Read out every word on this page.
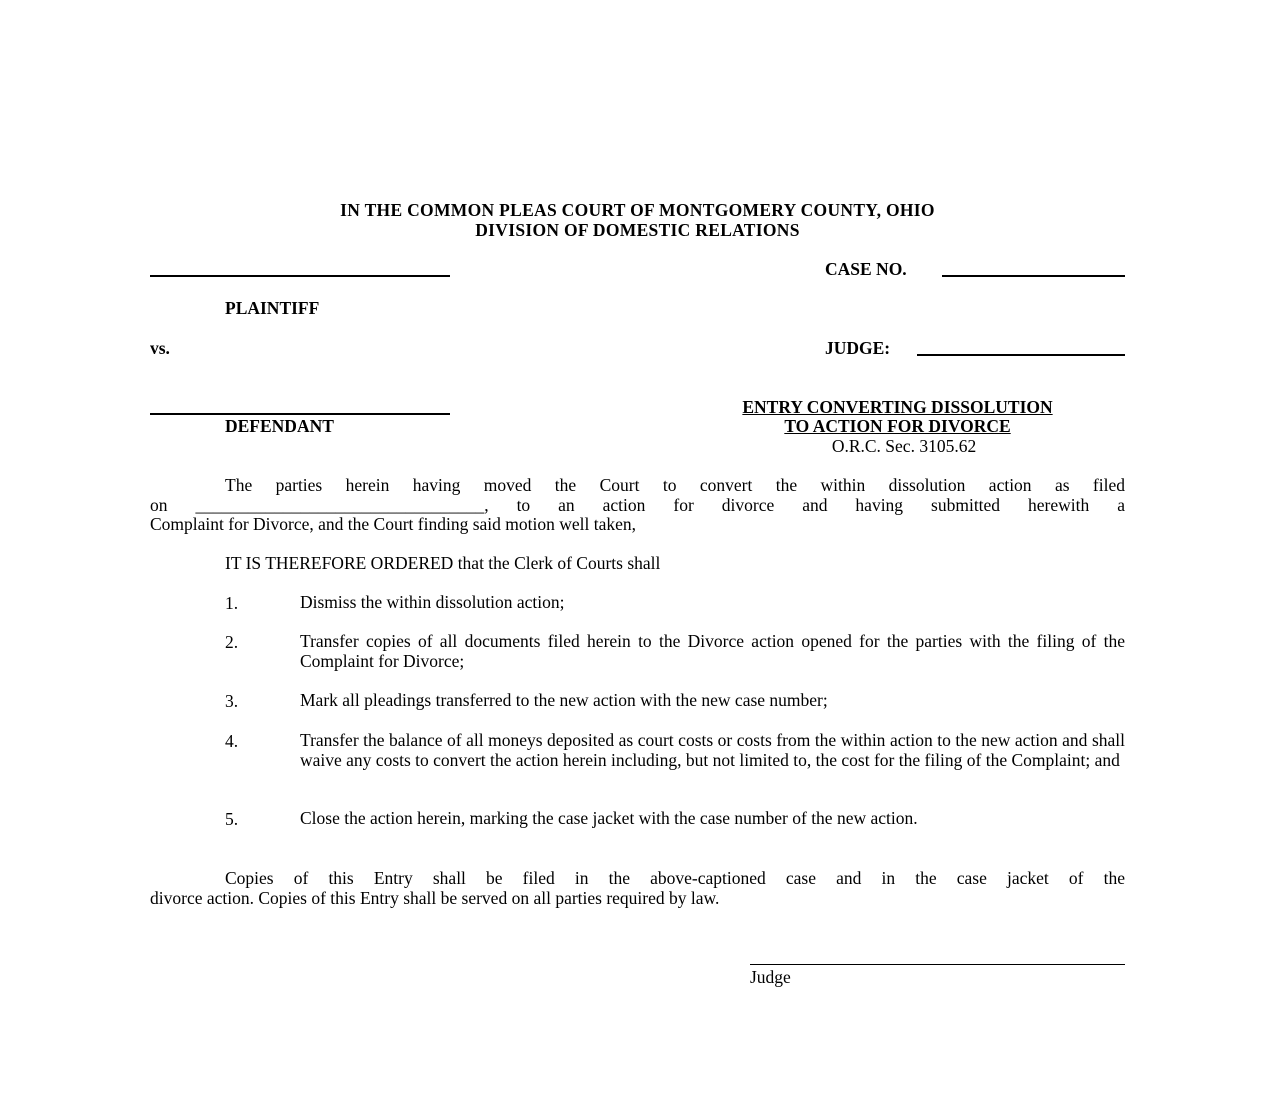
IN THE COMMON PLEAS COURT OF MONTGOMERY COUNTY, OHIO
DIVISION OF DOMESTIC RELATIONS
CASE NO.
PLAINTIFF
vs.	JUDGE:
DEFENDANT
ENTRY CONVERTING DISSOLUTION
TO ACTION FOR DIVORCE
O.R.C. Sec. 3105.62
The parties herein having moved the Court to convert the within dissolution action as filed
on _________________________________, to an action for divorce and having submitted herewith a
Complaint for Divorce, and the Court finding said motion well taken,
IT IS THEREFORE ORDERED that the Clerk of Courts shall
1.	Dismiss the within dissolution action;
2.	Transfer copies of all documents filed herein to the Divorce action opened for the parties with the filing of the Complaint for Divorce;
3.	Mark all pleadings transferred to the new action with the new case number;
4.	Transfer the balance of all moneys deposited as court costs or costs from the within action to the new action and shall waive any costs to convert the action herein including, but not limited to, the cost for the filing of the Complaint; and
5.	Close the action herein, marking the case jacket with the case number of the new action.
Copies of this Entry shall be filed in the above-captioned case and in the case jacket of the
divorce action. Copies of this Entry shall be served on all parties required by law.
Judge
